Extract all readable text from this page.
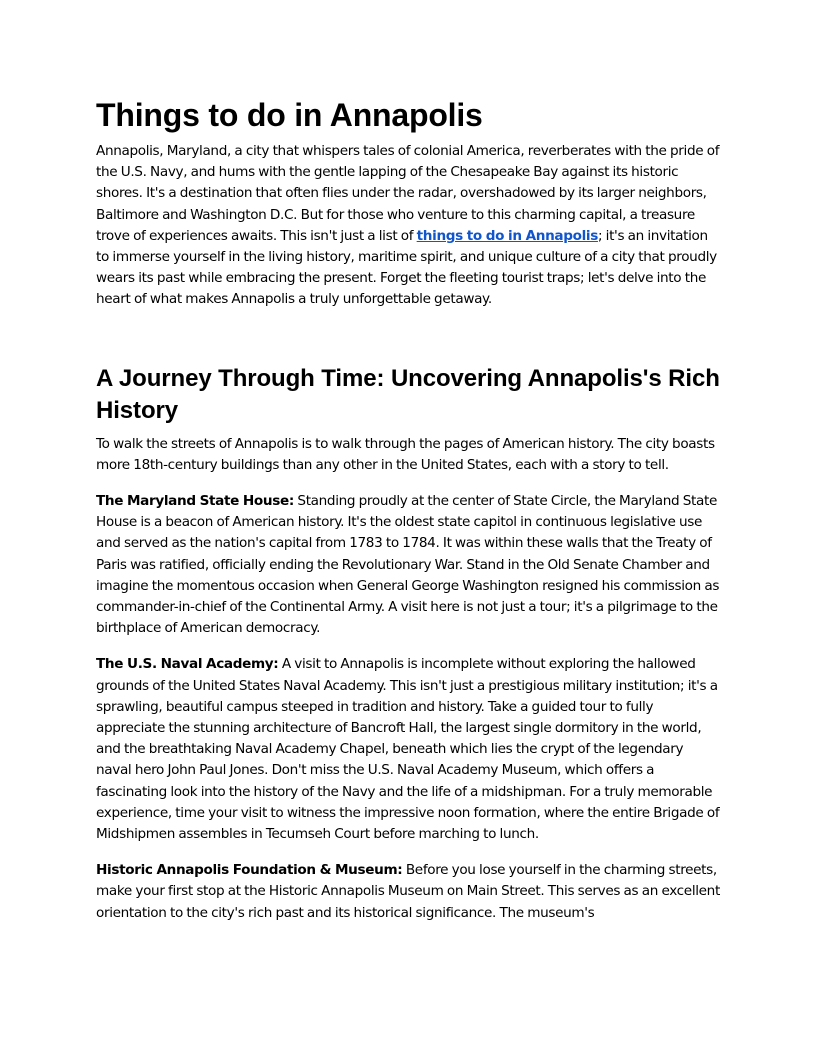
Things to do in Annapolis

Annapolis, Maryland, a city that whispers tales of colonial America, reverberates with the pride of the U.S. Navy, and hums with the gentle lapping of the Chesapeake Bay against its historic shores. It's a destination that often flies under the radar, overshadowed by its larger neighbors, Baltimore and Washington D.C. But for those who venture to this charming capital, a treasure trove of experiences awaits. This isn't just a list of things to do in Annapolis; it's an invitation to immerse yourself in the living history, maritime spirit, and unique culture of a city that proudly wears its past while embracing the present. Forget the fleeting tourist traps; let's delve into the heart of what makes Annapolis a truly unforgettable getaway.

A Journey Through Time: Uncovering Annapolis's Rich History

To walk the streets of Annapolis is to walk through the pages of American history. The city boasts more 18th-century buildings than any other in the United States, each with a story to tell.

The Maryland State House: Standing proudly at the center of State Circle, the Maryland State House is a beacon of American history. It's the oldest state capitol in continuous legislative use and served as the nation's capital from 1783 to 1784. It was within these walls that the Treaty of Paris was ratified, officially ending the Revolutionary War. Stand in the Old Senate Chamber and imagine the momentous occasion when General George Washington resigned his commission as commander-in-chief of the Continental Army. A visit here is not just a tour; it's a pilgrimage to the birthplace of American democracy.

The U.S. Naval Academy: A visit to Annapolis is incomplete without exploring the hallowed grounds of the United States Naval Academy. This isn't just a prestigious military institution; it's a sprawling, beautiful campus steeped in tradition and history. Take a guided tour to fully appreciate the stunning architecture of Bancroft Hall, the largest single dormitory in the world, and the breathtaking Naval Academy Chapel, beneath which lies the crypt of the legendary naval hero John Paul Jones. Don't miss the U.S. Naval Academy Museum, which offers a fascinating look into the history of the Navy and the life of a midshipman. For a truly memorable experience, time your visit to witness the impressive noon formation, where the entire Brigade of Midshipmen assembles in Tecumseh Court before marching to lunch.

Historic Annapolis Foundation & Museum: Before you lose yourself in the charming streets, make your first stop at the Historic Annapolis Museum on Main Street. This serves as an excellent orientation to the city's rich past and its historical significance. The museum's
